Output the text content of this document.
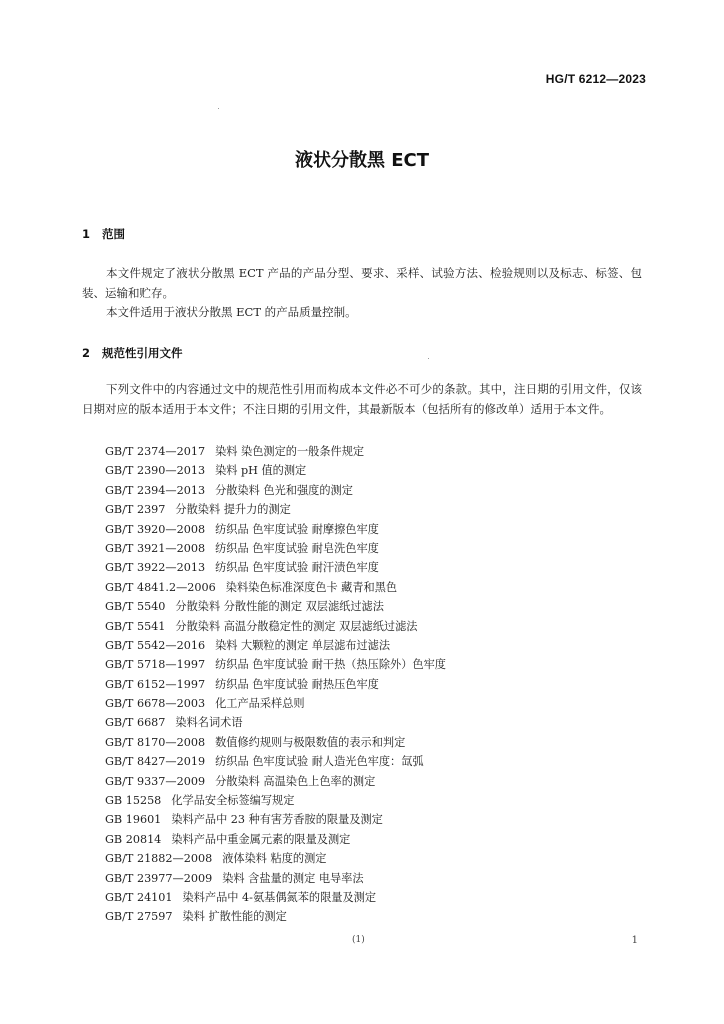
HG/T 6212—2023
液状分散黑 ECT
1 范围
本文件规定了液状分散黑 ECT 产品的产品分型、要求、采样、试验方法、检验规则以及标志、标签、包装、运输和贮存。
本文件适用于液状分散黑 ECT 的产品质量控制。
2 规范性引用文件
下列文件中的内容通过文中的规范性引用而构成本文件必不可少的条款。其中，注日期的引用文件，仅该日期对应的版本适用于本文件；不注日期的引用文件，其最新版本（包括所有的修改单）适用于本文件。
GB/T 2374—2017 染料 染色测定的一般条件规定
GB/T 2390—2013 染料 pH 值的测定
GB/T 2394—2013 分散染料 色光和强度的测定
GB/T 2397 分散染料 提升力的测定
GB/T 3920—2008 纺织品 色牢度试验 耐摩擦色牢度
GB/T 3921—2008 纺织品 色牢度试验 耐皂洗色牢度
GB/T 3922—2013 纺织品 色牢度试验 耐汗渍色牢度
GB/T 4841.2—2006 染料染色标准深度色卡 藏青和黑色
GB/T 5540 分散染料 分散性能的测定 双层滤纸过滤法
GB/T 5541 分散染料 高温分散稳定性的测定 双层滤纸过滤法
GB/T 5542—2016 染料 大颗粒的测定 单层滤布过滤法
GB/T 5718—1997 纺织品 色牢度试验 耐干热（热压除外）色牢度
GB/T 6152—1997 纺织品 色牢度试验 耐热压色牢度
GB/T 6678—2003 化工产品采样总则
GB/T 6687 染料名词术语
GB/T 8170—2008 数值修约规则与极限数值的表示和判定
GB/T 8427—2019 纺织品 色牢度试验 耐人造光色牢度：氙弧
GB/T 9337—2009 分散染料 高温染色上色率的测定
GB 15258 化学品安全标签编写规定
GB 19601 染料产品中 23 种有害芳香胺的限量及测定
GB 20814 染料产品中重金属元素的限量及测定
GB/T 21882—2008 液体染料 粘度的测定
GB/T 23977—2009 染料 含盐量的测定 电导率法
GB/T 24101 染料产品中 4-氨基偶氮苯的限量及测定
GB/T 27597 染料 扩散性能的测定
(1)	1
